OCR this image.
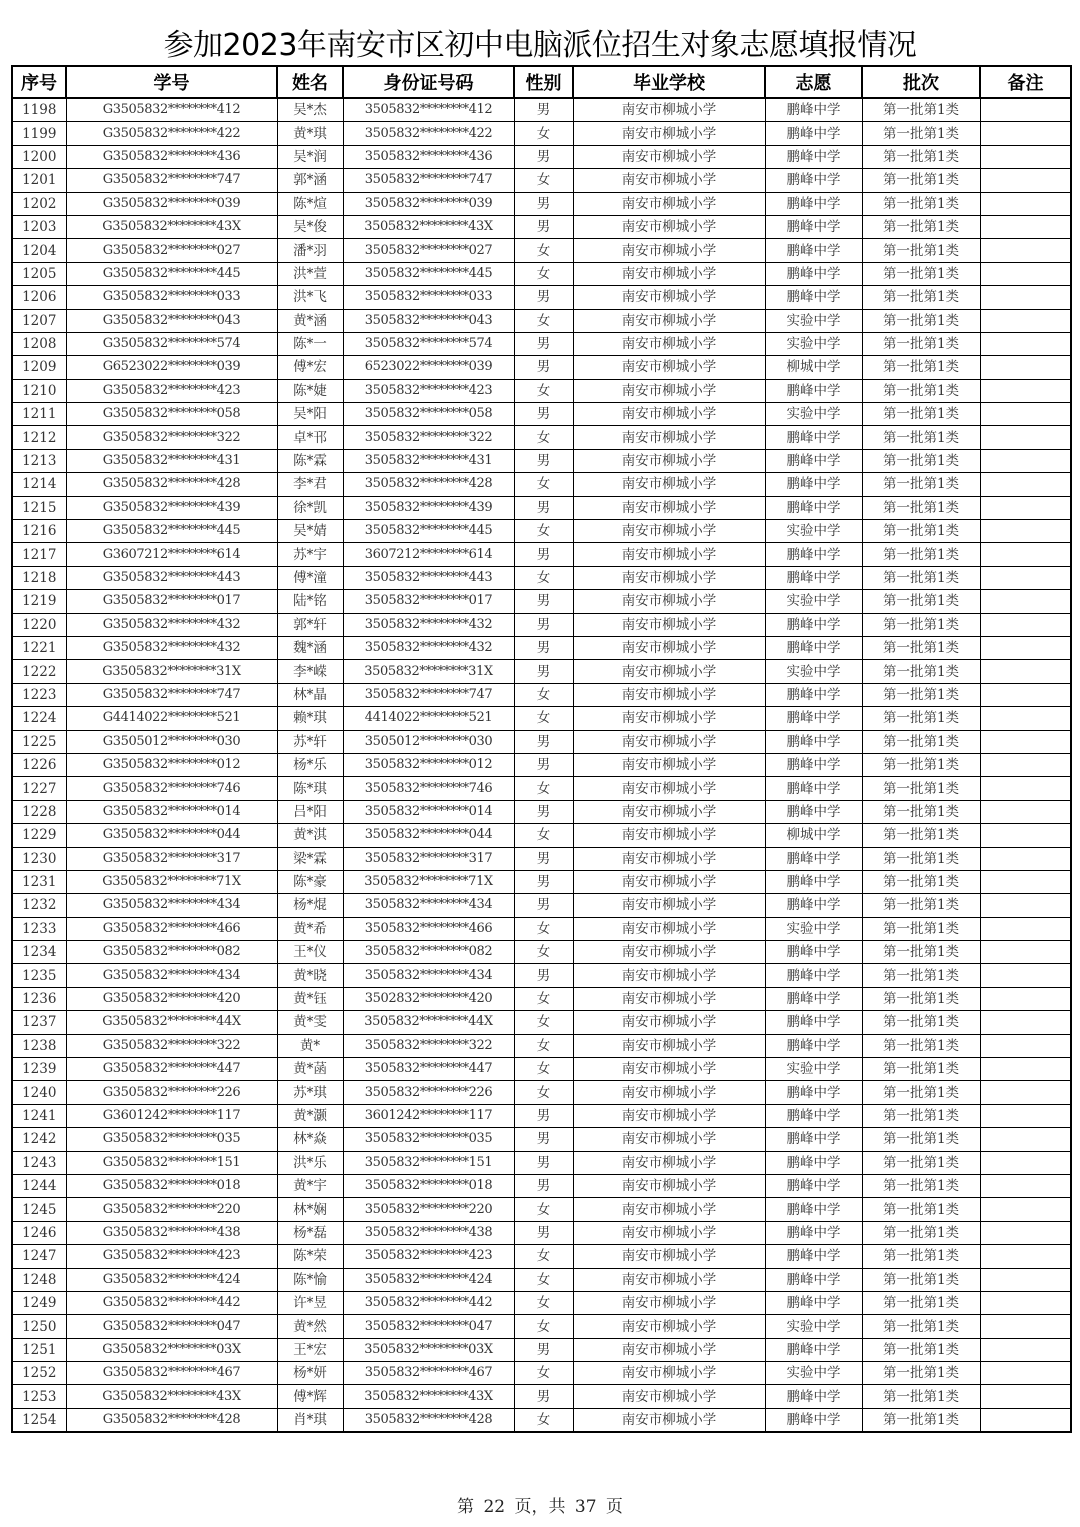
参加2023年南安市区初中电脑派位招生对象志愿填报情况
序号	学号	姓名	身份证号码	性别	毕业学校	志愿	批次	备注
1198	G3505832********412	吴*杰	3505832********412	男	南安市柳城小学	鹏峰中学	第一批第1类	
1199	G3505832********422	黄*琪	3505832********422	女	南安市柳城小学	鹏峰中学	第一批第1类	
1200	G3505832********436	吴*润	3505832********436	男	南安市柳城小学	鹏峰中学	第一批第1类	
1201	G3505832********747	郭*涵	3505832********747	女	南安市柳城小学	鹏峰中学	第一批第1类	
1202	G3505832********039	陈*煊	3505832********039	男	南安市柳城小学	鹏峰中学	第一批第1类	
1203	G3505832********43X	吴*俊	3505832********43X	男	南安市柳城小学	鹏峰中学	第一批第1类	
1204	G3505832********027	潘*羽	3505832********027	女	南安市柳城小学	鹏峰中学	第一批第1类	
1205	G3505832********445	洪*萱	3505832********445	女	南安市柳城小学	鹏峰中学	第一批第1类	
1206	G3505832********033	洪*飞	3505832********033	男	南安市柳城小学	鹏峰中学	第一批第1类	
1207	G3505832********043	黄*涵	3505832********043	女	南安市柳城小学	实验中学	第一批第1类	
1208	G3505832********574	陈*一	3505832********574	男	南安市柳城小学	实验中学	第一批第1类	
1209	G6523022********039	傅*宏	6523022********039	男	南安市柳城小学	柳城中学	第一批第1类	
1210	G3505832********423	陈*婕	3505832********423	女	南安市柳城小学	鹏峰中学	第一批第1类	
1211	G3505832********058	吴*阳	3505832********058	男	南安市柳城小学	实验中学	第一批第1类	
1212	G3505832********322	卓*邗	3505832********322	女	南安市柳城小学	鹏峰中学	第一批第1类	
1213	G3505832********431	陈*霖	3505832********431	男	南安市柳城小学	鹏峰中学	第一批第1类	
1214	G3505832********428	李*君	3505832********428	女	南安市柳城小学	鹏峰中学	第一批第1类	
1215	G3505832********439	徐*凯	3505832********439	男	南安市柳城小学	鹏峰中学	第一批第1类	
1216	G3505832********445	吴*婧	3505832********445	女	南安市柳城小学	实验中学	第一批第1类	
1217	G3607212********614	苏*宇	3607212********614	男	南安市柳城小学	鹏峰中学	第一批第1类	
1218	G3505832********443	傅*潼	3505832********443	女	南安市柳城小学	鹏峰中学	第一批第1类	
1219	G3505832********017	陆*铭	3505832********017	男	南安市柳城小学	实验中学	第一批第1类	
1220	G3505832********432	郭*轩	3505832********432	男	南安市柳城小学	鹏峰中学	第一批第1类	
1221	G3505832********432	魏*涵	3505832********432	男	南安市柳城小学	鹏峰中学	第一批第1类	
1222	G3505832********31X	李*嵘	3505832********31X	男	南安市柳城小学	实验中学	第一批第1类	
1223	G3505832********747	林*晶	3505832********747	女	南安市柳城小学	鹏峰中学	第一批第1类	
1224	G4414022********521	赖*琪	4414022********521	女	南安市柳城小学	鹏峰中学	第一批第1类	
1225	G3505012********030	苏*轩	3505012********030	男	南安市柳城小学	鹏峰中学	第一批第1类	
1226	G3505832********012	杨*乐	3505832********012	男	南安市柳城小学	鹏峰中学	第一批第1类	
1227	G3505832********746	陈*琪	3505832********746	女	南安市柳城小学	鹏峰中学	第一批第1类	
1228	G3505832********014	吕*阳	3505832********014	男	南安市柳城小学	鹏峰中学	第一批第1类	
1229	G3505832********044	黄*淇	3505832********044	女	南安市柳城小学	柳城中学	第一批第1类	
1230	G3505832********317	梁*霖	3505832********317	男	南安市柳城小学	鹏峰中学	第一批第1类	
1231	G3505832********71X	陈*豪	3505832********71X	男	南安市柳城小学	鹏峰中学	第一批第1类	
1232	G3505832********434	杨*焜	3505832********434	男	南安市柳城小学	鹏峰中学	第一批第1类	
1233	G3505832********466	黄*希	3505832********466	女	南安市柳城小学	实验中学	第一批第1类	
1234	G3505832********082	王*仪	3505832********082	女	南安市柳城小学	鹏峰中学	第一批第1类	
1235	G3505832********434	黄*晓	3505832********434	男	南安市柳城小学	鹏峰中学	第一批第1类	
1236	G3505832********420	黄*钰	3502832********420	女	南安市柳城小学	鹏峰中学	第一批第1类	
1237	G3505832********44X	黄*雯	3505832********44X	女	南安市柳城小学	鹏峰中学	第一批第1类	
1238	G3505832********322	黄*	3505832********322	女	南安市柳城小学	鹏峰中学	第一批第1类	
1239	G3505832********447	黄*菡	3505832********447	女	南安市柳城小学	实验中学	第一批第1类	
1240	G3505832********226	苏*琪	3505832********226	女	南安市柳城小学	鹏峰中学	第一批第1类	
1241	G3601242********117	黄*灏	3601242********117	男	南安市柳城小学	鹏峰中学	第一批第1类	
1242	G3505832********035	林*焱	3505832********035	男	南安市柳城小学	鹏峰中学	第一批第1类	
1243	G3505832********151	洪*乐	3505832********151	男	南安市柳城小学	鹏峰中学	第一批第1类	
1244	G3505832********018	黄*宇	3505832********018	男	南安市柳城小学	鹏峰中学	第一批第1类	
1245	G3505832********220	林*娴	3505832********220	女	南安市柳城小学	鹏峰中学	第一批第1类	
1246	G3505832********438	杨*磊	3505832********438	男	南安市柳城小学	鹏峰中学	第一批第1类	
1247	G3505832********423	陈*荣	3505832********423	女	南安市柳城小学	鹏峰中学	第一批第1类	
1248	G3505832********424	陈*愉	3505832********424	女	南安市柳城小学	鹏峰中学	第一批第1类	
1249	G3505832********442	许*昱	3505832********442	女	南安市柳城小学	鹏峰中学	第一批第1类	
1250	G3505832********047	黄*然	3505832********047	女	南安市柳城小学	实验中学	第一批第1类	
1251	G3505832********03X	王*宏	3505832********03X	男	南安市柳城小学	鹏峰中学	第一批第1类	
1252	G3505832********467	杨*妍	3505832********467	女	南安市柳城小学	实验中学	第一批第1类	
1253	G3505832********43X	傅*辉	3505832********43X	男	南安市柳城小学	鹏峰中学	第一批第1类	
1254	G3505832********428	肖*琪	3505832********428	女	南安市柳城小学	鹏峰中学	第一批第1类	
第 22 页，共 37 页
